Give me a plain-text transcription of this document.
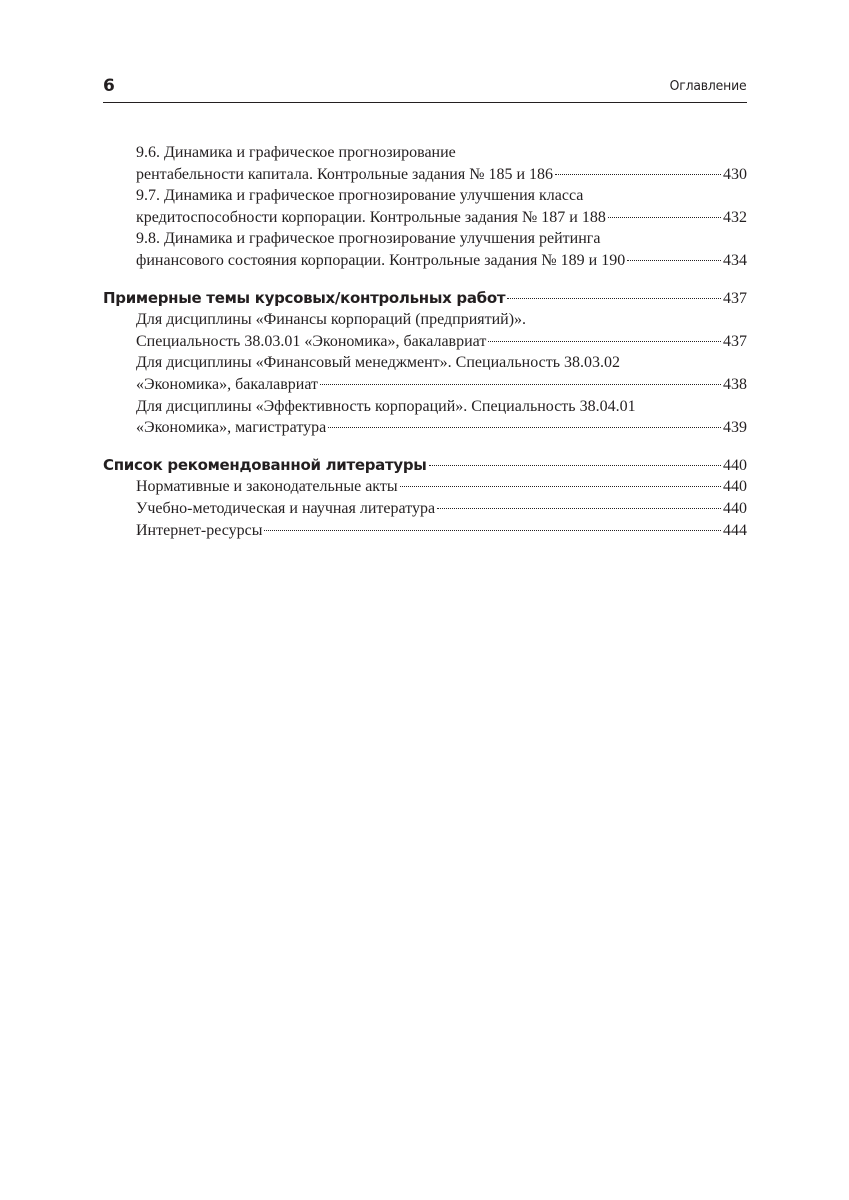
6	Оглавление
9.6. Динамика и графическое прогнозирование
рентабельности капитала. Контрольные задания № 185 и 186	430
9.7. Динамика и графическое прогнозирование улучшения класса
кредитоспособности корпорации. Контрольные задания № 187 и 188	432
9.8. Динамика и графическое прогнозирование улучшения рейтинга
финансового состояния корпорации. Контрольные задания № 189 и 190	434
Примерные темы курсовых/контрольных работ	437
Для дисциплины «Финансы корпораций (предприятий)».
Специальность 38.03.01 «Экономика», бакалавриат	437
Для дисциплины «Финансовый менеджмент». Специальность 38.03.02
«Экономика», бакалавриат	438
Для дисциплины «Эффективность корпораций». Специальность 38.04.01
«Экономика», магистратура	439
Список рекомендованной литературы	440
Нормативные и законодательные акты	440
Учебно-методическая и научная литература	440
Интернет-ресурсы	444
